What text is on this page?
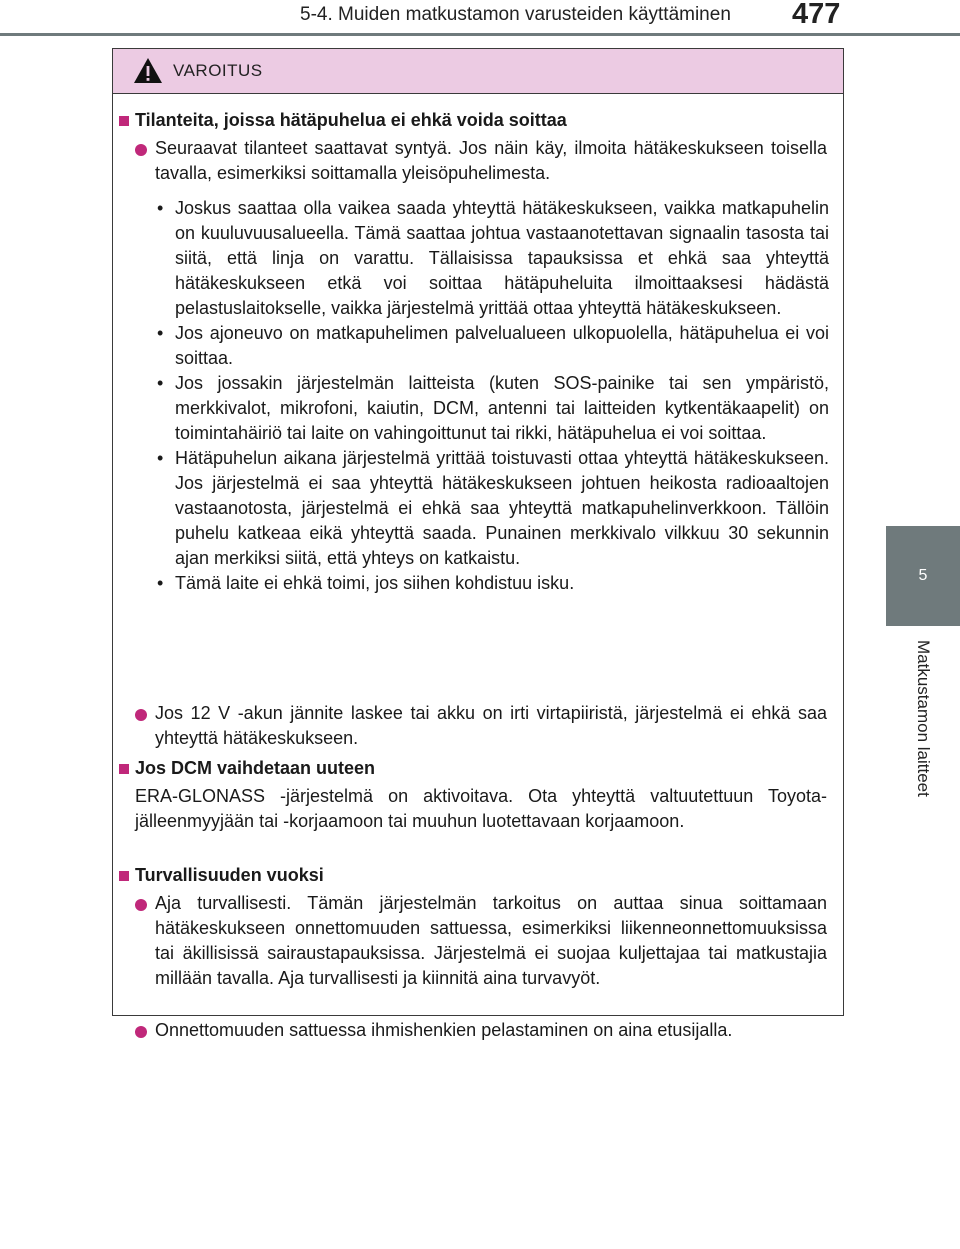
5-4. Muiden matkustamon varusteiden käyttäminen	477
5
Matkustamon laitteet
VAROITUS
Tilanteita, joissa hätäpuhelua ei ehkä voida soittaa
Seuraavat tilanteet saattavat syntyä. Jos näin käy, ilmoita hätäkeskukseen toisella tavalla, esimerkiksi soittamalla yleisöpuhelimesta.
• Joskus saattaa olla vaikea saada yhteyttä hätäkeskukseen, vaikka matkapuhelin on kuuluvuusalueella. Tämä saattaa johtua vastaanotettavan signaalin tasosta tai siitä, että linja on varattu. Tällaisissa tapauksissa et ehkä saa yhteyttä hätäkeskukseen etkä voi soittaa hätäpuheluita ilmoittaaksesi hädästä pelastuslaitokselle, vaikka järjestelmä yrittää ottaa yhteyttä hätäkeskukseen.
• Jos ajoneuvo on matkapuhelimen palvelualueen ulkopuolella, hätäpuhelua ei voi soittaa.
• Jos jossakin järjestelmän laitteista (kuten SOS-painike tai sen ympäristö, merkkivalot, mikrofoni, kaiutin, DCM, antenni tai laitteiden kytkentäkaapelit) on toimintahäiriö tai laite on vahingoittunut tai rikki, hätäpuhelua ei voi soittaa.
• Hätäpuhelun aikana järjestelmä yrittää toistuvasti ottaa yhteyttä hätäkeskukseen. Jos järjestelmä ei saa yhteyttä hätäkeskukseen johtuen heikosta radioaaltojen vastaanotosta, järjestelmä ei ehkä saa yhteyttä matkapuhelinverkkoon. Tällöin puhelu katkeaa eikä yhteyttä saada. Punainen merkkivalo vilkkuu 30 sekunnin ajan merkiksi siitä, että yhteys on katkaistu.
• Tämä laite ei ehkä toimi, jos siihen kohdistuu isku.
Jos 12 V -akun jännite laskee tai akku on irti virtapiiristä, järjestelmä ei ehkä saa yhteyttä hätäkeskukseen.
Jos DCM vaihdetaan uuteen
ERA-GLONASS -järjestelmä on aktivoitava. Ota yhteyttä valtuutettuun Toyota-jälleenmyyjään tai -korjaamoon tai muuhun luotettavaan korjaamoon.
Turvallisuuden vuoksi
Aja turvallisesti. Tämän järjestelmän tarkoitus on auttaa sinua soittamaan hätäkeskukseen onnettomuuden sattuessa, esimerkiksi liikenneonnettomuuksissa tai äkillisissä sairaustapauksissa. Järjestelmä ei suojaa kuljettajaa tai matkustajia millään tavalla. Aja turvallisesti ja kiinnitä aina turvavyöt.
Onnettomuuden sattuessa ihmishenkien pelastaminen on aina etusijalla.
